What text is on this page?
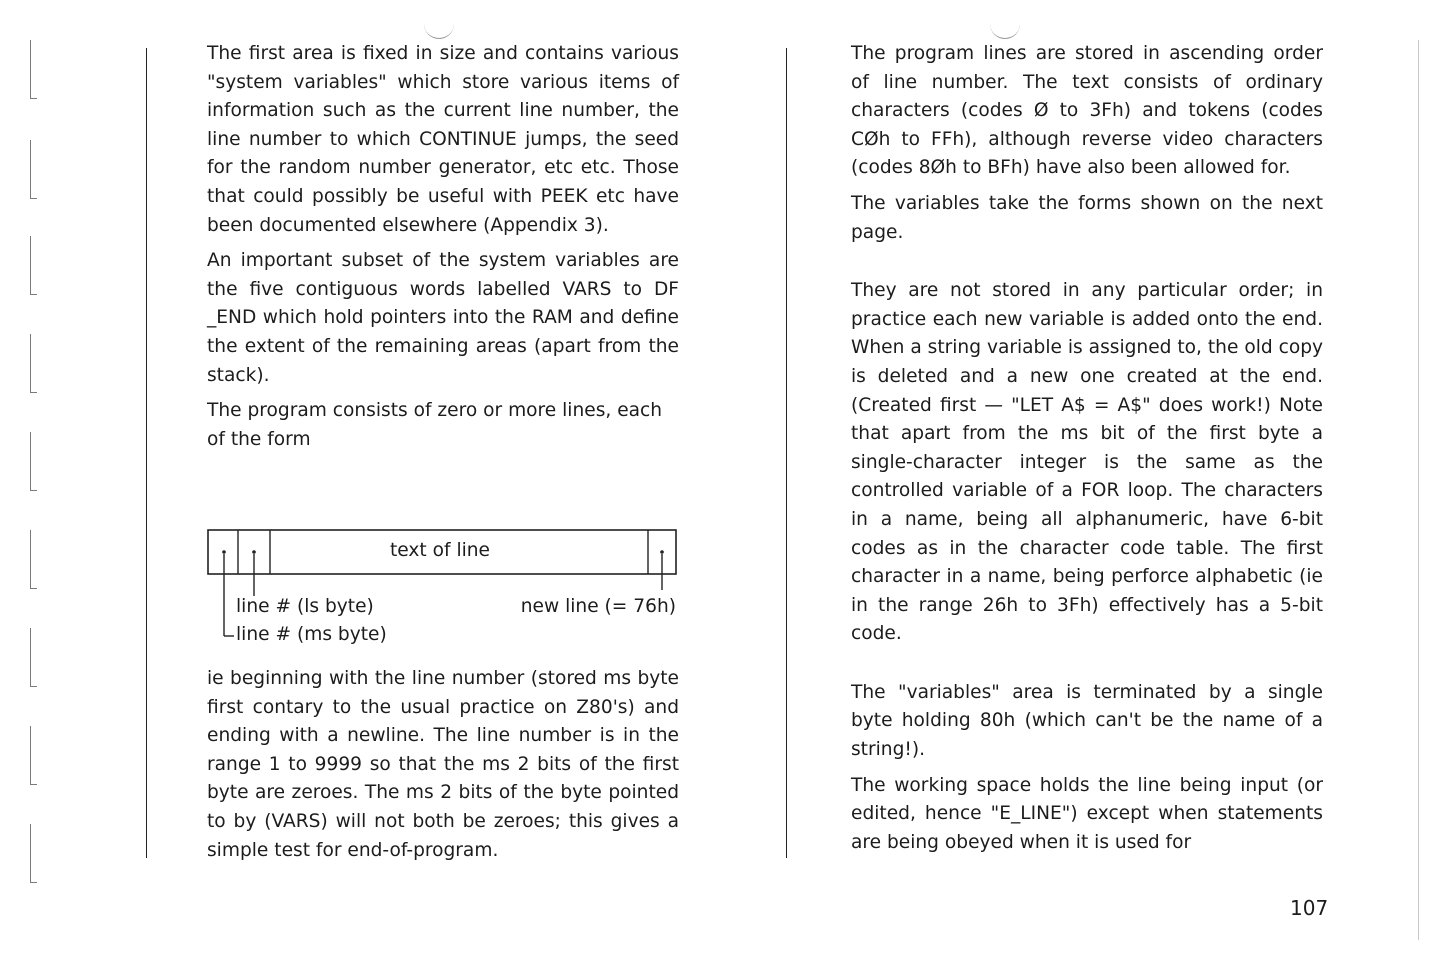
The first area is fixed in size and contains various "system variables" which store various items of information such as the current line number, the line number to which CONTINUE jumps, the seed for the random number generator, etc etc. Those that could possibly be useful with PEEK etc have been documented elsewhere (Appendix 3).

An important subset of the system variables are the five contiguous words labelled VARS to DF _END which hold pointers into the RAM and define the extent of the remaining areas (apart from the stack).

The program consists of zero or more lines, each of the form

text of line
line # (ls byte)
line # (ms byte)
new line (= 76h)

ie beginning with the line number (stored ms byte first contary to the usual practice on Z80's) and ending with a newline. The line number is in the range 1 to 9999 so that the ms 2 bits of the first byte are zeroes. The ms 2 bits of the byte pointed to by (VARS) will not both be zeroes; this gives a simple test for end-of-program.

The program lines are stored in ascending order of line number. The text consists of ordinary characters (codes Ø to 3Fh) and tokens (codes CØh to FFh), although reverse video characters (codes 8Øh to BFh) have also been allowed for.

The variables take the forms shown on the next page.

They are not stored in any particular order; in practice each new variable is added onto the end. When a string variable is assigned to, the old copy is deleted and a new one created at the end. (Created first — "LET A$ = A$" does work!) Note that apart from the ms bit of the first byte a single-character integer is the same as the controlled variable of a FOR loop. The characters in a name, being all alphanumeric, have 6-bit codes as in the character code table. The first character in a name, being perforce alphabetic (ie in the range 26h to 3Fh) effectively has a 5-bit code.

The "variables" area is terminated by a single byte holding 80h (which can't be the name of a string!).

The working space holds the line being input (or edited, hence "E_LINE") except when statements are being obeyed when it is used for

107
